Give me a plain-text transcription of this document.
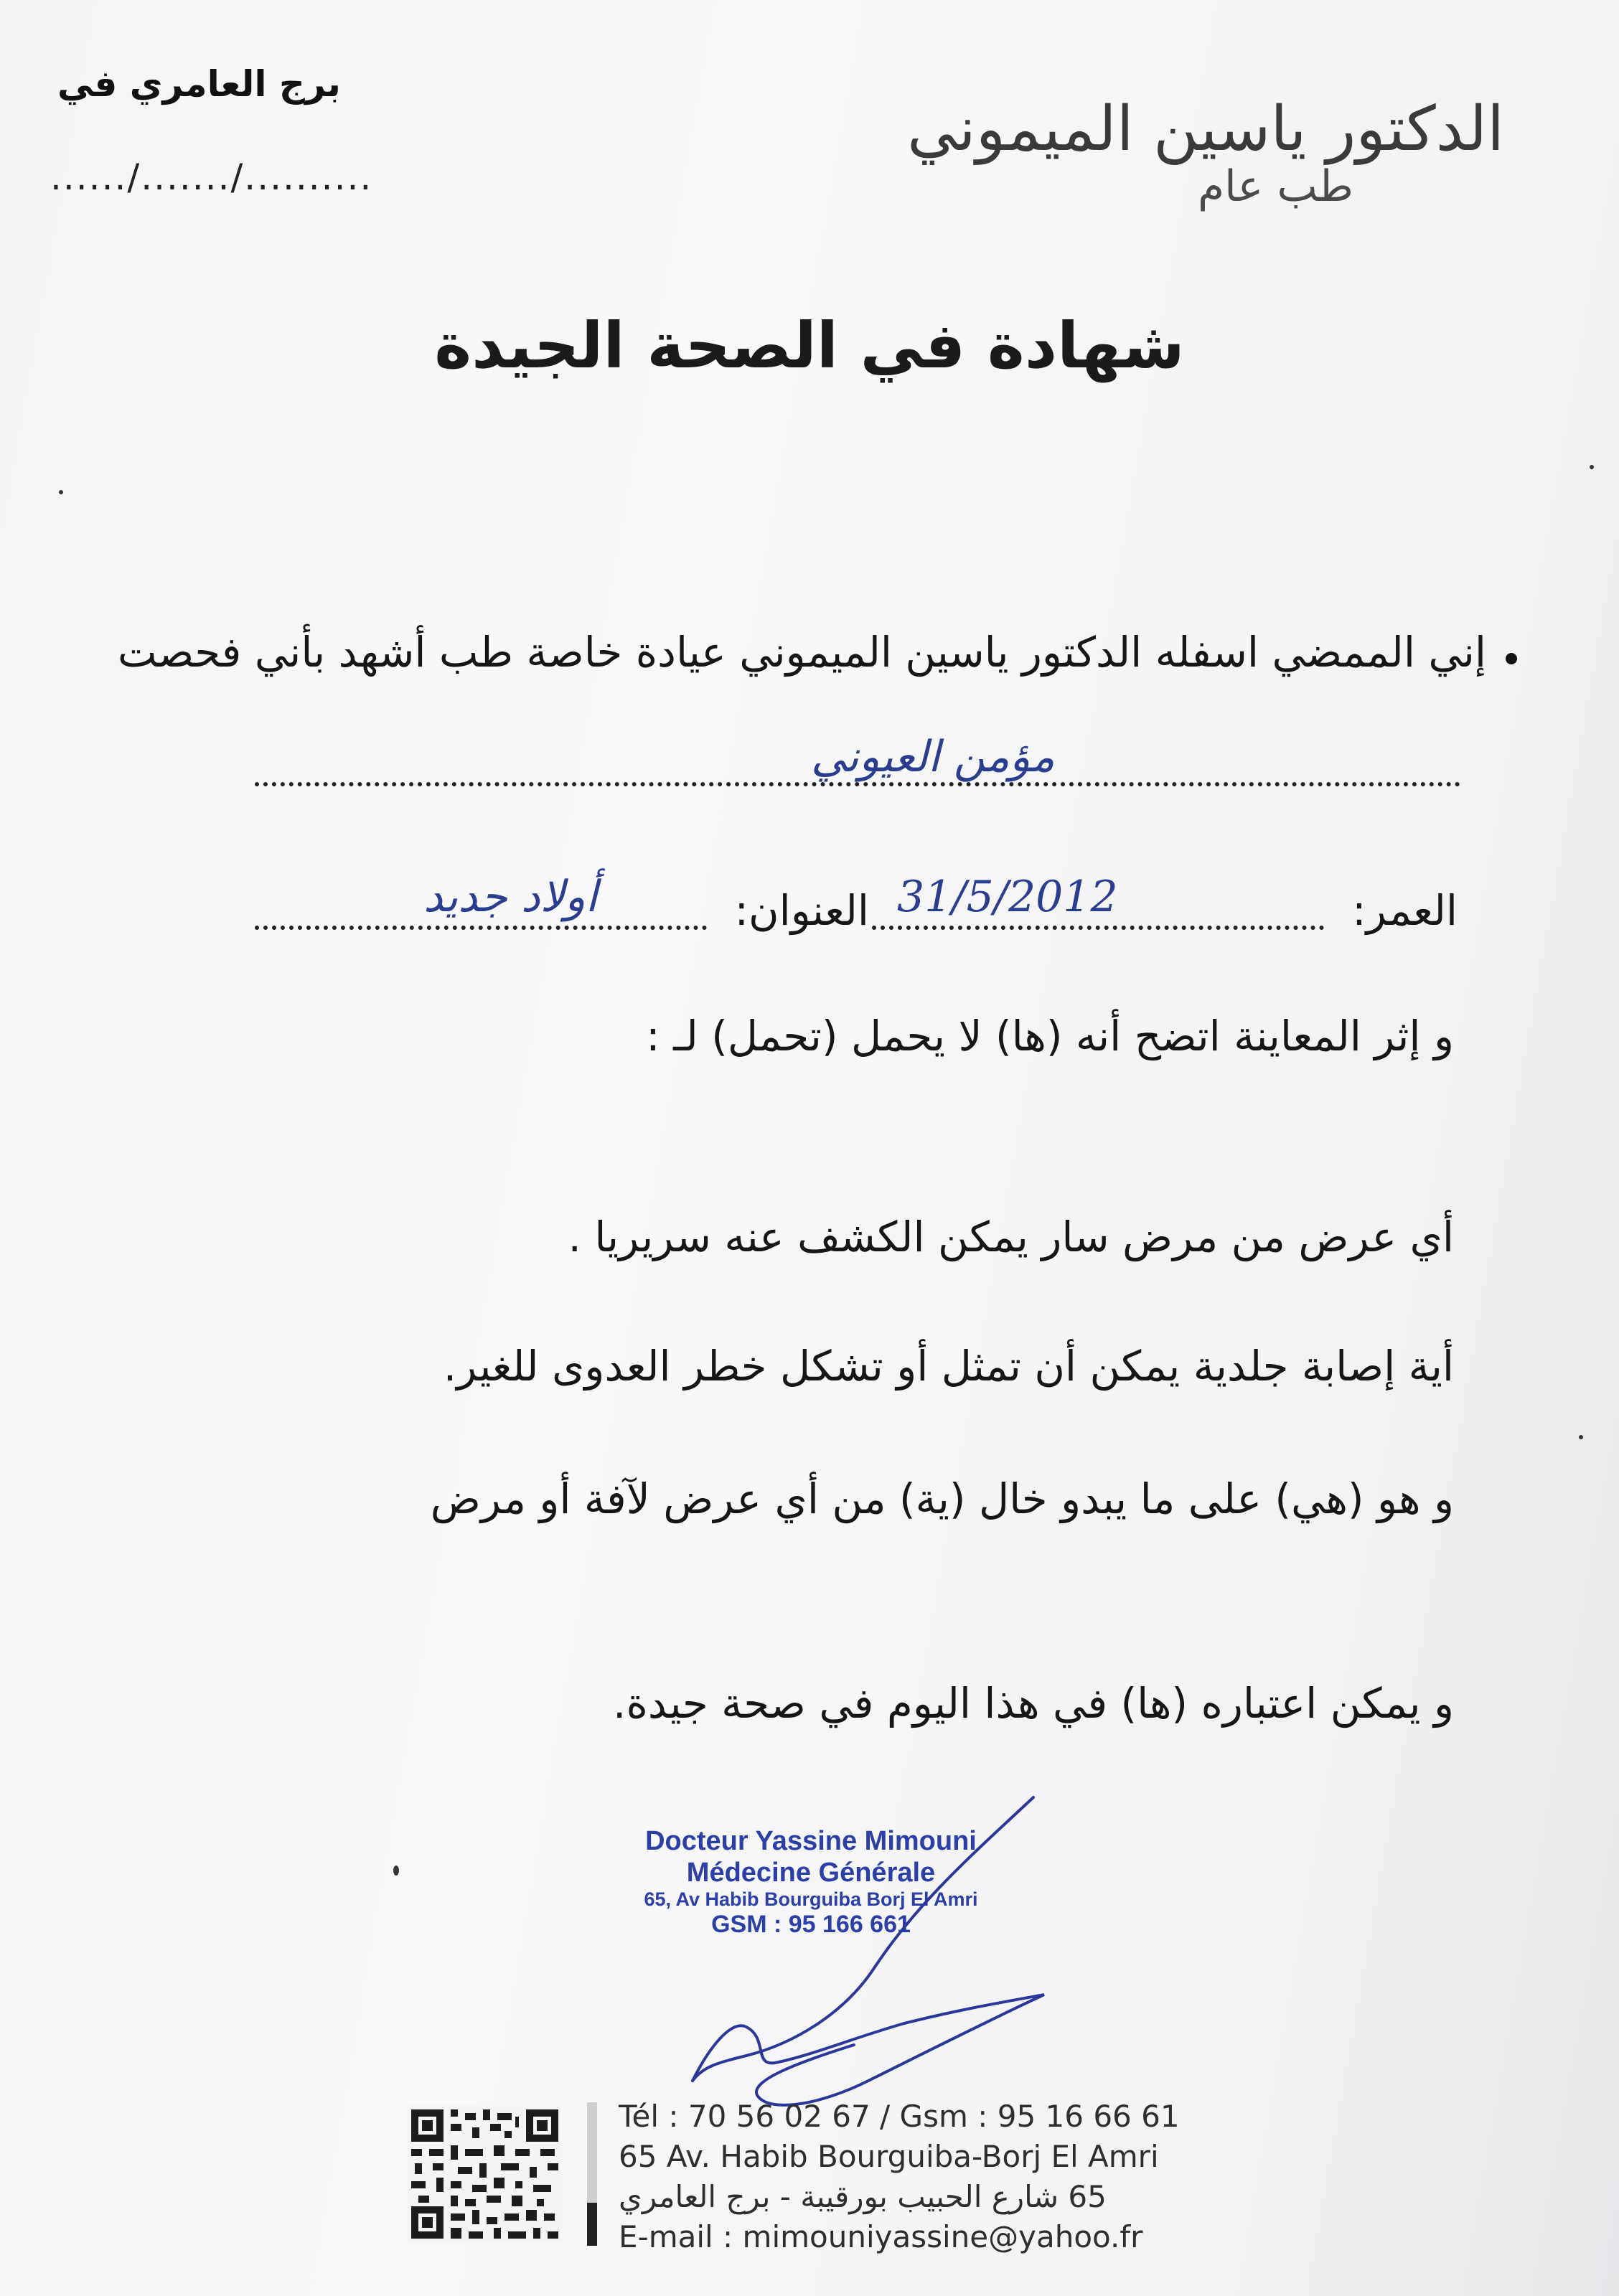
الدكتور ياسين الميموني
طب عام
برج العامري في
....../......./..........
شهادة في الصحة الجيدة
إني الممضي اسفله الدكتور ياسين الميموني عيادة خاصة طب أشهد بأني فحصت
مؤمن العيوني
العمر:
31/5/2012
العنوان:
أولاد جديد
و إثر المعاينة اتضح أنه (ها) لا يحمل (تحمل) لـ :
أي عرض من مرض سار يمكن الكشف عنه سريريا .
أية إصابة جلدية يمكن أن تمثل أو تشكل خطر العدوى للغير.
و هو (هي) على ما يبدو خال (ية) من أي عرض لآفة أو مرض
و يمكن اعتباره (ها) في هذا اليوم في صحة جيدة.
Docteur Yassine Mimouni
Médecine Générale
65, Av Habib Bourguiba Borj El Amri
GSM : 95 166 661
Tél : 70 56 02 67 / Gsm : 95 16 66 61
65 Av. Habib Bourguiba-Borj El Amri
65 شارع الحبيب بورقيبة - برج العامري
E-mail : mimouniyassine@yahoo.fr
